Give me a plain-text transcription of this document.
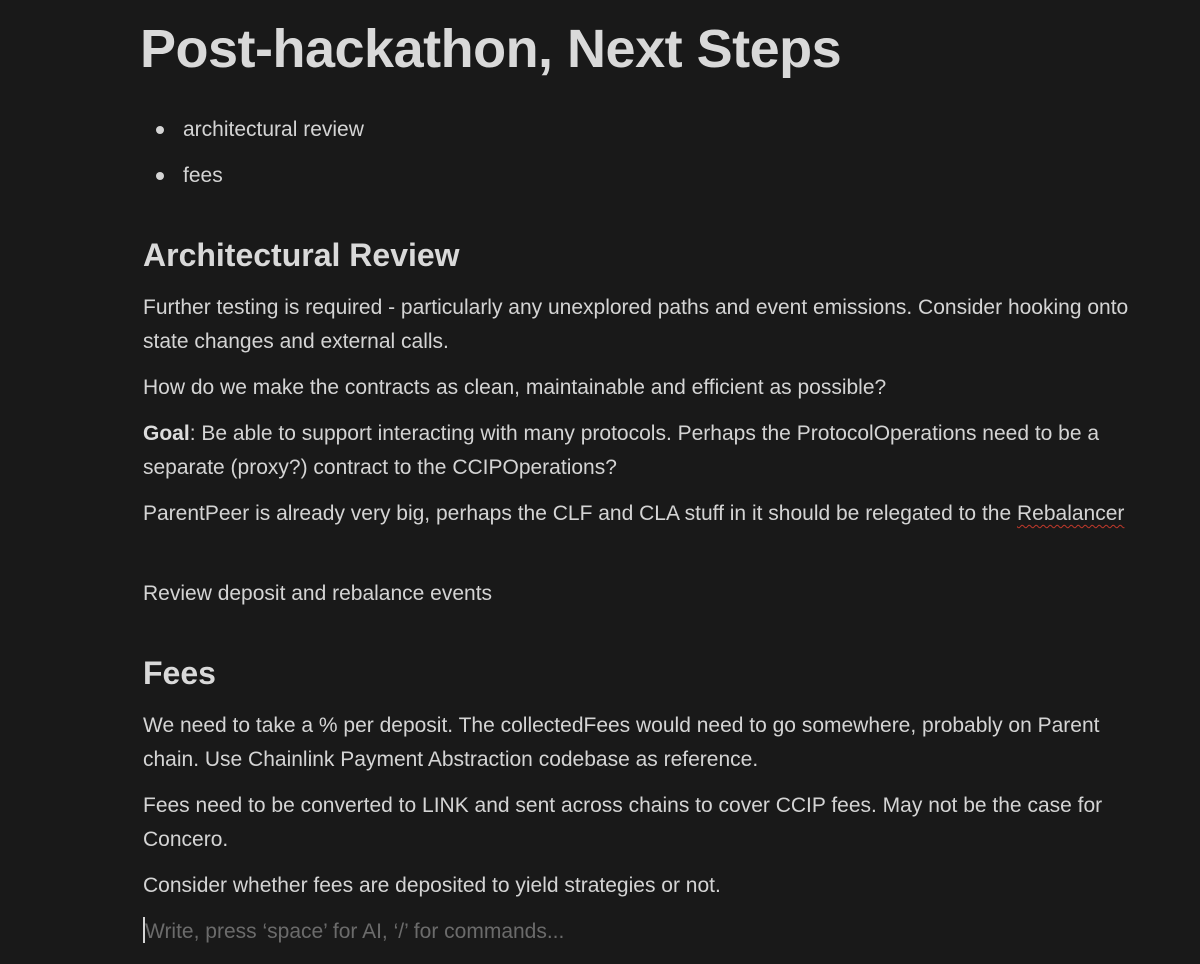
Post-hackathon, Next Steps
architectural review
fees
Architectural Review

Further testing is required - particularly any unexplored paths and event emissions. Consider hooking onto state changes and external calls.

How do we make the contracts as clean, maintainable and efficient as possible?

Goal: Be able to support interacting with many protocols. Perhaps the ProtocolOperations need to be a separate (proxy?) contract to the CCIPOperations?

ParentPeer is already very big, perhaps the CLF and CLA stuff in it should be relegated to the Rebalancer

Review deposit and rebalance events

Fees

We need to take a % per deposit. The collectedFees would need to go somewhere, probably on Parent chain. Use Chainlink Payment Abstraction codebase as reference.

Fees need to be converted to LINK and sent across chains to cover CCIP fees. May not be the case for Concero.

Consider whether fees are deposited to yield strategies or not.

Write, press ‘space’ for AI, ‘/’ for commands...
